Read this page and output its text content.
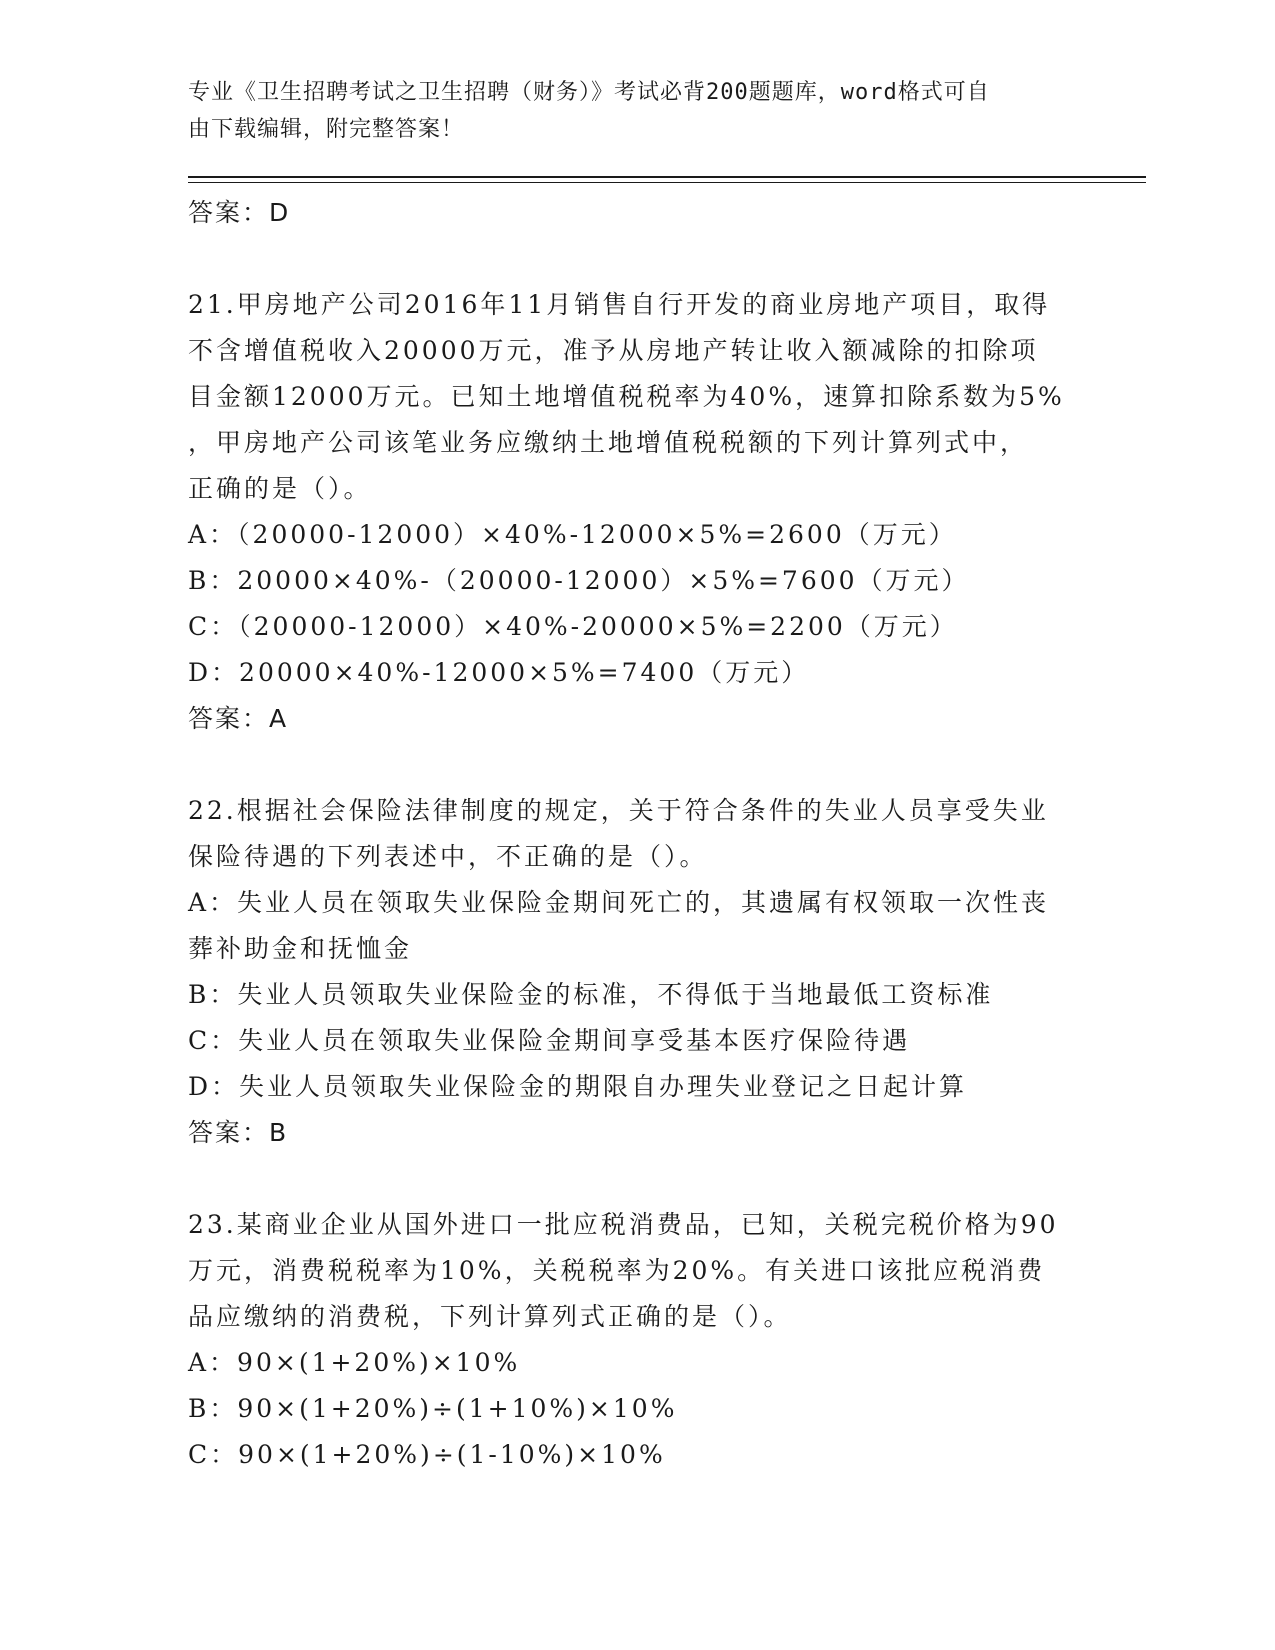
专业《卫生招聘考试之卫生招聘（财务）》考试必背200题题库，word格式可自
由下载编辑，附完整答案！
答案：D
21.甲房地产公司2016年11月销售自行开发的商业房地产项目，取得
不含增值税收入20000万元，准予从房地产转让收入额减除的扣除项
目金额12000万元。已知土地增值税税率为40%，速算扣除系数为5%
，甲房地产公司该笔业务应缴纳土地增值税税额的下列计算列式中，
正确的是（）。
A：（20000-12000）×40%-12000×5%=2600（万元）
B：20000×40%-（20000-12000）×5%=7600（万元）
C：（20000-12000）×40%-20000×5%=2200（万元）
D：20000×40%-12000×5%=7400（万元）
答案：A
22.根据社会保险法律制度的规定，关于符合条件的失业人员享受失业
保险待遇的下列表述中，不正确的是（）。
A：失业人员在领取失业保险金期间死亡的，其遗属有权领取一次性丧
葬补助金和抚恤金
B：失业人员领取失业保险金的标准，不得低于当地最低工资标准
C：失业人员在领取失业保险金期间享受基本医疗保险待遇
D：失业人员领取失业保险金的期限自办理失业登记之日起计算
答案：B
23.某商业企业从国外进口一批应税消费品，已知，关税完税价格为90
万元，消费税税率为10%，关税税率为20%。有关进口该批应税消费
品应缴纳的消费税，下列计算列式正确的是（）。
A：90×(1+20%)×10%
B：90×(1+20%)÷(1+10%)×10%
C：90×(1+20%)÷(1-10%)×10%
